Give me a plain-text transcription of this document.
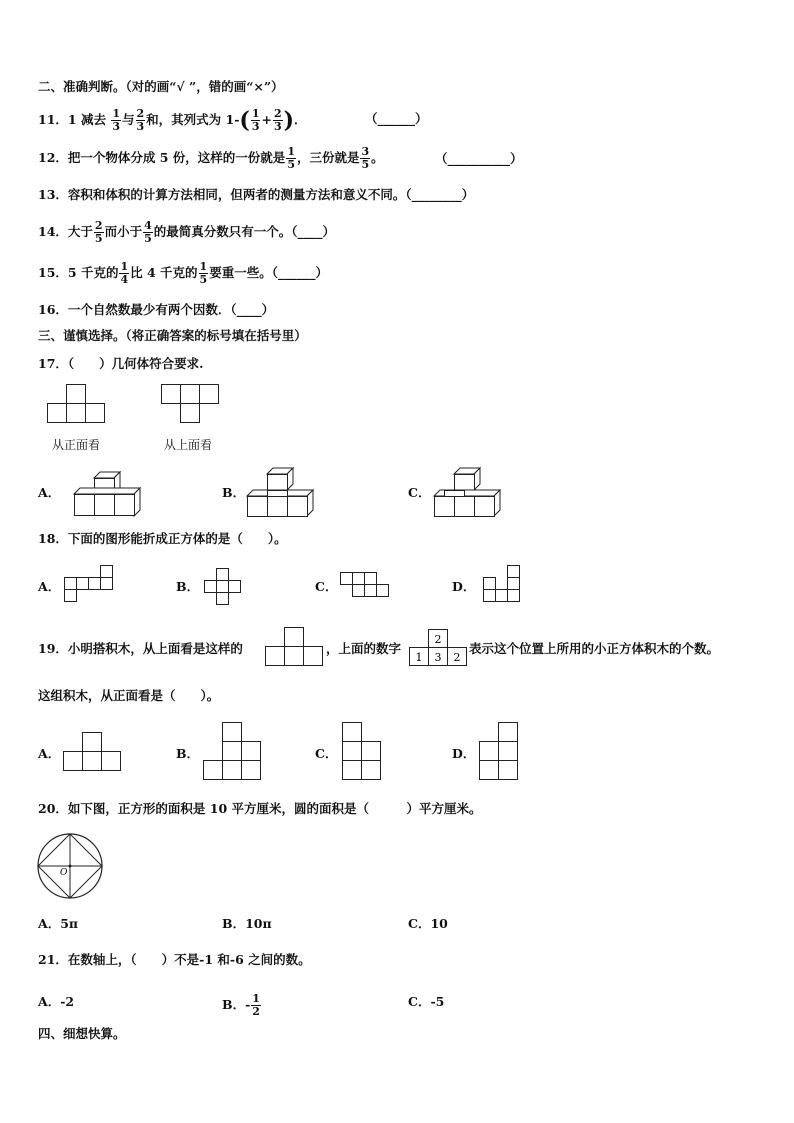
二、准确判断。（对的画“√ ”，错的画“×”）
11．1 减去 $\frac{1}{3}$ 与 $\frac{2}{3}$ 和，其列式为 $1-( \frac{1}{3} + \frac{2}{3}$ )．	（______）
12．把一个物体分成 5 份，这样的一份就是 $\frac{1}{5}$ ，三份就是 $\frac{3}{5}$ 。	（__________）
13．容积和体积的计算方法相同，但两者的测量方法和意义不同。（________）
14．大于 $\frac{2}{5}$ 而小于 $\frac{4}{5}$ 的最简真分数只有一个。（____）
15．5 千克的 $\frac{1}{4}$ 比 4 千克的 $\frac{1}{5}$ 要重一些。（______）
16．一个自然数最少有两个因数．（____）
三、谨慎选择。（将正确答案的标号填在括号里）
17．（　　）几何体符合要求.
从正面看	从上面看
A．	B．	C．
18．下面的图形能折成正方体的是（　　）。
A．	B．	C．	D．
19．小明搭积木，从上面看是这样的	，上面的数字
2
1 3 2
表示这个位置上所用的小正方体积木的个数。
这组积木，从正面看是（　　）。
A．	B．	C．	D．
20．如下图，正方形的面积是 10 平方厘米，圆的面积是（　　　）平方厘米。
O
A．5π	B．10π	C．10
21．在数轴上，（　　）不是-1 和-6 之间的数。
A．-2	B．- $\frac{1}{2}$	C．-5
四、细想快算。
